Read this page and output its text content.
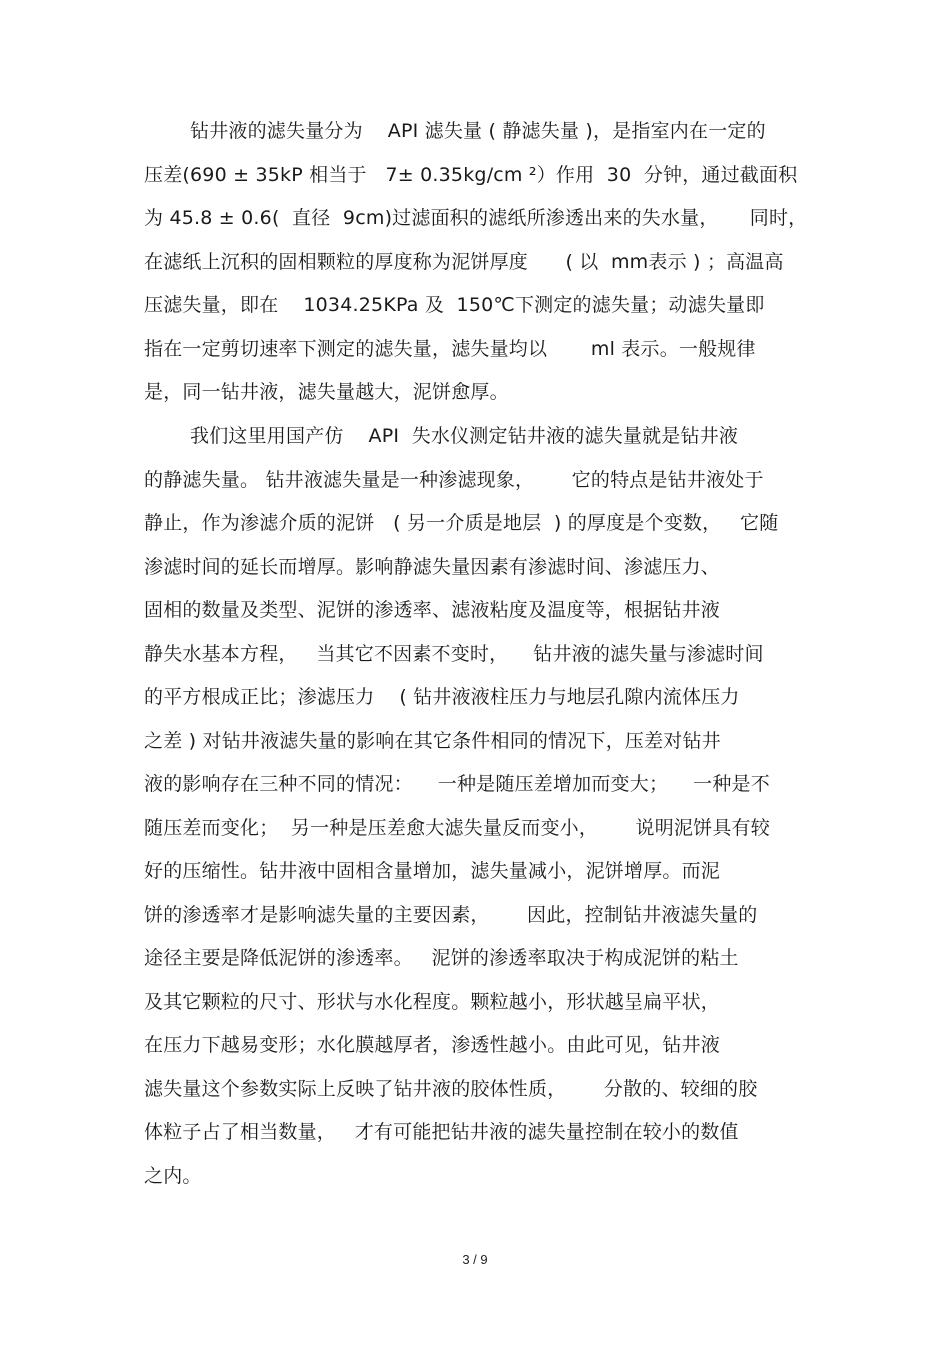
钻井液的滤失量分为    API 滤失量 ( 静滤失量 )，是指室内在一定的
压差(690 ± 35kP 相当于   7± 0.35kg/cm ²）作用  30  分钟，通过截面积
为 45.8 ± 0.6(  直径  9cm)过滤面积的滤纸所渗透出来的失水量，     同时，
在滤纸上沉积的固相颗粒的厚度称为泥饼厚度      ( 以  mm表示 ) ；高温高
压滤失量，即在    1034.25KPa 及  150℃下测定的滤失量；动滤失量即
指在一定剪切速率下测定的滤失量，滤失量均以       ml 表示。一般规律
是，同一钻井液，滤失量越大，泥饼愈厚。
我们这里用国产仿    API  失水仪测定钻井液的滤失量就是钻井液
的静滤失量。 钻井液滤失量是一种渗滤现象，      它的特点是钻井液处于
静止，作为渗滤介质的泥饼   ( 另一介质是地层  ) 的厚度是个变数，   它随
渗滤时间的延长而增厚。影响静滤失量因素有渗滤时间、渗滤压力、
固相的数量及类型、泥饼的渗透率、滤液粘度及温度等，根据钻井液
静失水基本方程，   当其它不因素不变时，    钻井液的滤失量与渗滤时间
的平方根成正比；渗滤压力    ( 钻井液液柱压力与地层孔隙内流体压力
之差 ) 对钻井液滤失量的影响在其它条件相同的情况下，压差对钻井
液的影响存在三种不同的情况：    一种是随压差增加而变大；    一种是不
随压差而变化；  另一种是压差愈大滤失量反而变小，      说明泥饼具有较
好的压缩性。钻井液中固相含量增加，滤失量减小，泥饼增厚。而泥
饼的渗透率才是影响滤失量的主要因素，      因此，控制钻井液滤失量的
途径主要是降低泥饼的渗透率。   泥饼的渗透率取决于构成泥饼的粘土
及其它颗粒的尺寸、形状与水化程度。颗粒越小，形状越呈扁平状，
在压力下越易变形；水化膜越厚者，渗透性越小。由此可见，钻井液
滤失量这个参数实际上反映了钻井液的胶体性质，      分散的、较细的胶
体粒子占了相当数量，   才有可能把钻井液的滤失量控制在较小的数值
之内。
3 / 9
